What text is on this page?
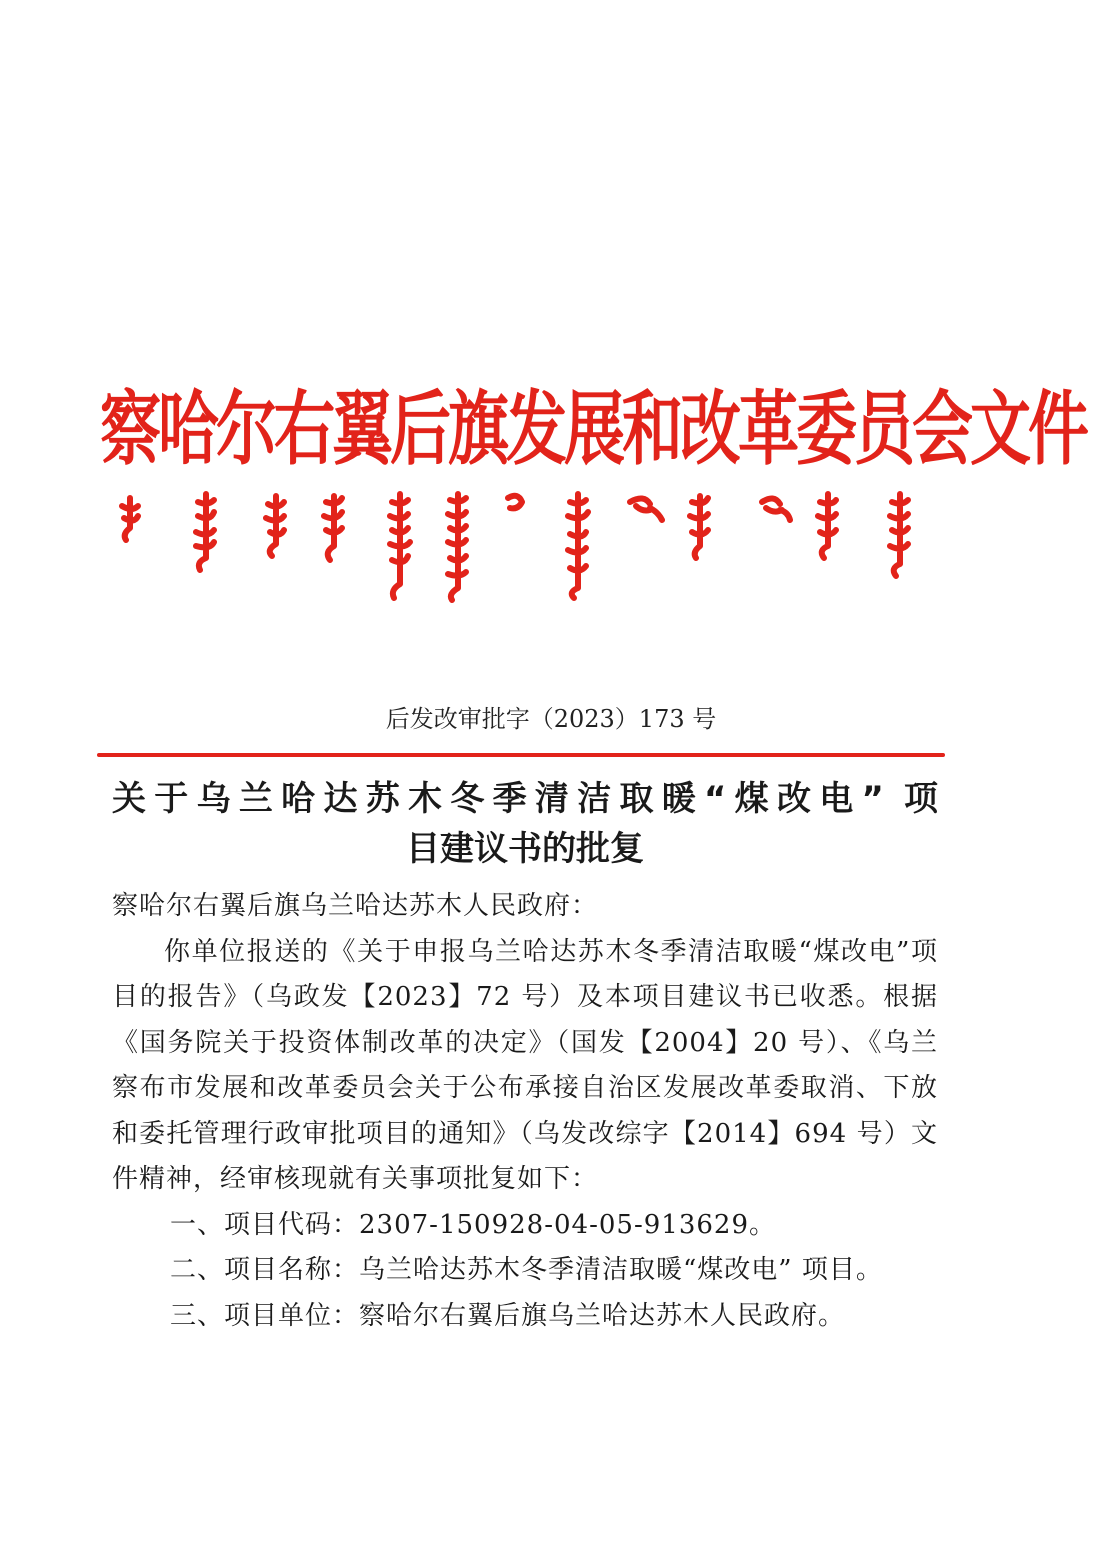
察哈尔右翼后旗发展和改革委员会文件
后发改审批字（2023）173 号
关于乌兰哈达苏木冬季清洁取暖“煤改电” 项
目建议书的批复

察哈尔右翼后旗乌兰哈达苏木人民政府：

你单位报送的《关于申报乌兰哈达苏木冬季清洁取暖“煤改电”项目的报告》（乌政发【2023】72 号）及本项目建议书已收悉。根据《国务院关于投资体制改革的决定》（国发【2004】20 号）、《乌兰察布市发展和改革委员会关于公布承接自治区发展改革委取消、下放和委托管理行政审批项目的通知》（乌发改综字【2014】694 号）文件精神，经审核现就有关事项批复如下：

一、项目代码：2307-150928-04-05-913629。

二、项目名称：乌兰哈达苏木冬季清洁取暖“煤改电” 项目。

三、项目单位：察哈尔右翼后旗乌兰哈达苏木人民政府。
